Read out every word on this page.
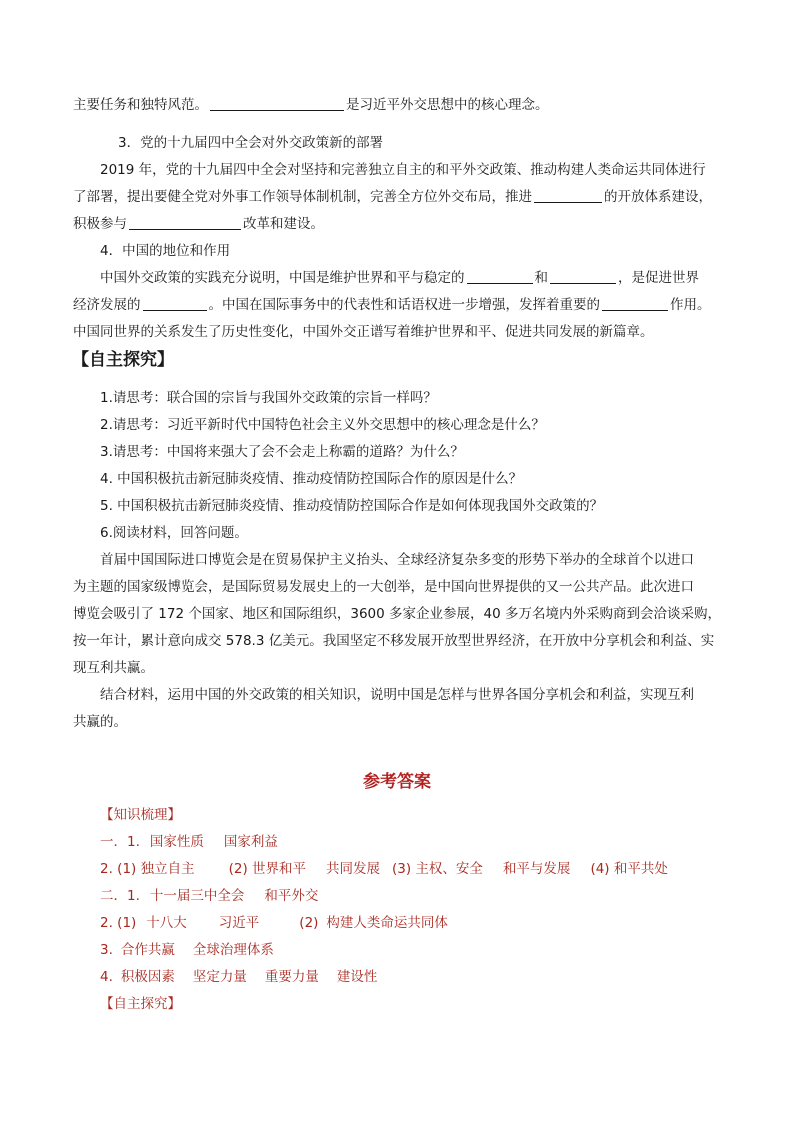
主要任务和独特风范。	是习近平外交思想中的核心理念。
3．党的十九届四中全会对外交政策新的部署
2019 年，党的十九届四中全会对坚持和完善独立自主的和平外交政策、推动构建人类命运共同体进行
了部署，提出要健全党对外事工作领导体制机制，完善全方位外交布局，推进	的开放体系建设，
积极参与	改革和建设。
4．中国的地位和作用
中国外交政策的实践充分说明，中国是维护世界和平与稳定的	和	，是促进世界
经济发展的	。中国在国际事务中的代表性和话语权进一步增强，发挥着重要的	作用。
中国同世界的关系发生了历史性变化，中国外交正谱写着维护世界和平、促进共同发展的新篇章。
【自主探究】
1.请思考：联合国的宗旨与我国外交政策的宗旨一样吗？
2.请思考：习近平新时代中国特色社会主义外交思想中的核心理念是什么？
3.请思考：中国将来强大了会不会走上称霸的道路？为什么？
4. 中国积极抗击新冠肺炎疫情、推动疫情防控国际合作的原因是什么？
5. 中国积极抗击新冠肺炎疫情、推动疫情防控国际合作是如何体现我国外交政策的？
6.阅读材料，回答问题。
首届中国国际进口博览会是在贸易保护主义抬头、全球经济复杂多变的形势下举办的全球首个以进口
为主题的国家级博览会，是国际贸易发展史上的一大创举，是中国向世界提供的又一公共产品。此次进口
博览会吸引了 172 个国家、地区和国际组织，3600 多家企业参展，40 多万名境内外采购商到会洽谈采购，
按一年计，累计意向成交 578.3 亿美元。我国坚定不移发展开放型世界经济，在开放中分享机会和利益、实
现互利共赢。
结合材料，运用中国的外交政策的相关知识，说明中国是怎样与世界各国分享机会和利益，实现互利
共赢的。
参考答案
【知识梳理】
一．1. 国家性质 国家利益
2. (1) 独立自主	(2) 世界和平 共同发展 (3) 主权、安全 和平与发展 (4) 和平共处
二．1. 十一届三中全会 和平外交
2. (1) 十八大 习近平	(2) 构建人类命运共同体
3. 合作共赢 全球治理体系
4. 积极因素 坚定力量 重要力量 建设性
【自主探究】
